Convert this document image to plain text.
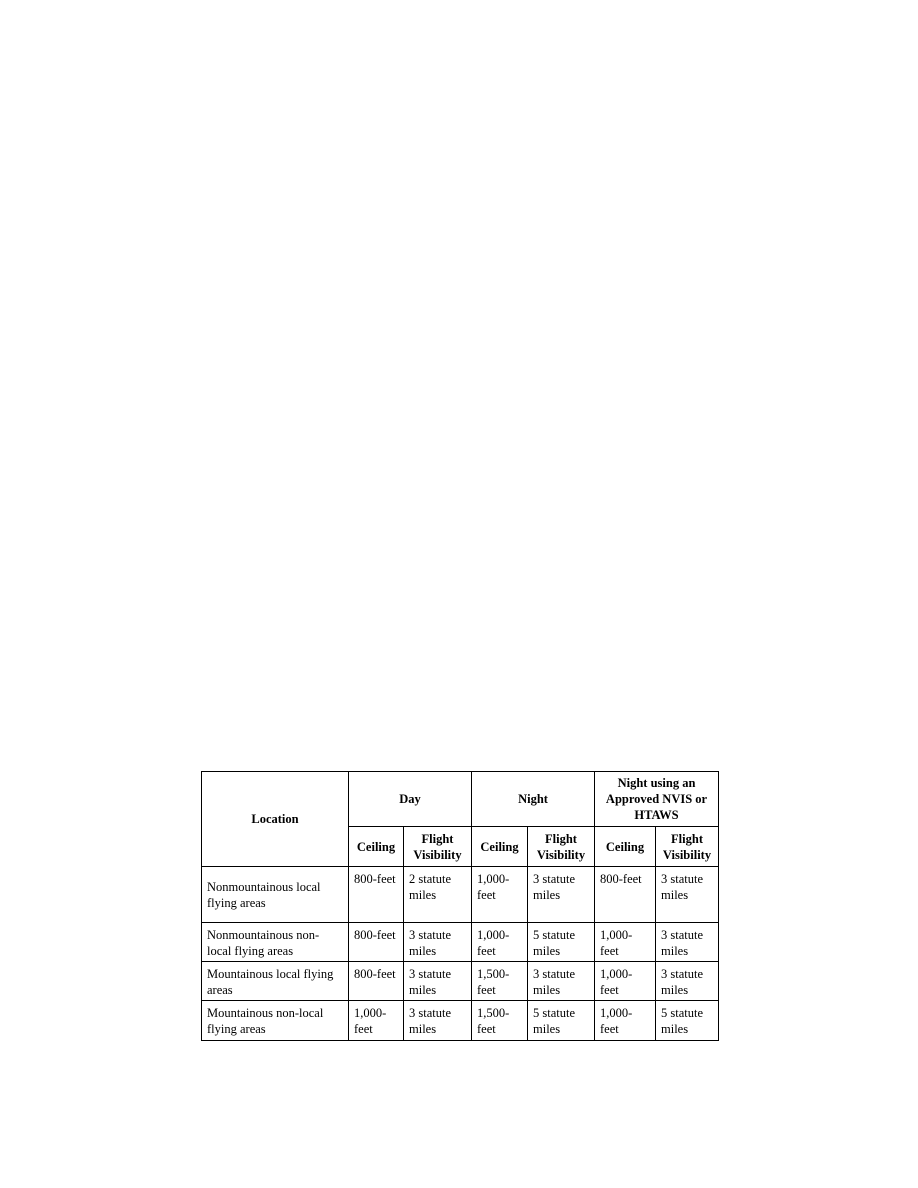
Location	Day		Night		Night using an Approved NVIS or HTAWS	
	Ceiling	Flight Visibility	Ceiling	Flight Visibility	Ceiling	Flight Visibility
Nonmountainous local flying areas	800-feet	2 statute miles	1,000-feet	3 statute miles	800-feet	3 statute miles
Nonmountainous non-local flying areas	800-feet	3 statute miles	1,000-feet	5 statute miles	1,000-feet	3 statute miles
Mountainous local flying areas	800-feet	3 statute miles	1,500-feet	3 statute miles	1,000-feet	3 statute miles
Mountainous non-local flying areas	1,000-feet	3 statute miles	1,500-feet	5 statute miles	1,000-feet	5 statute miles
